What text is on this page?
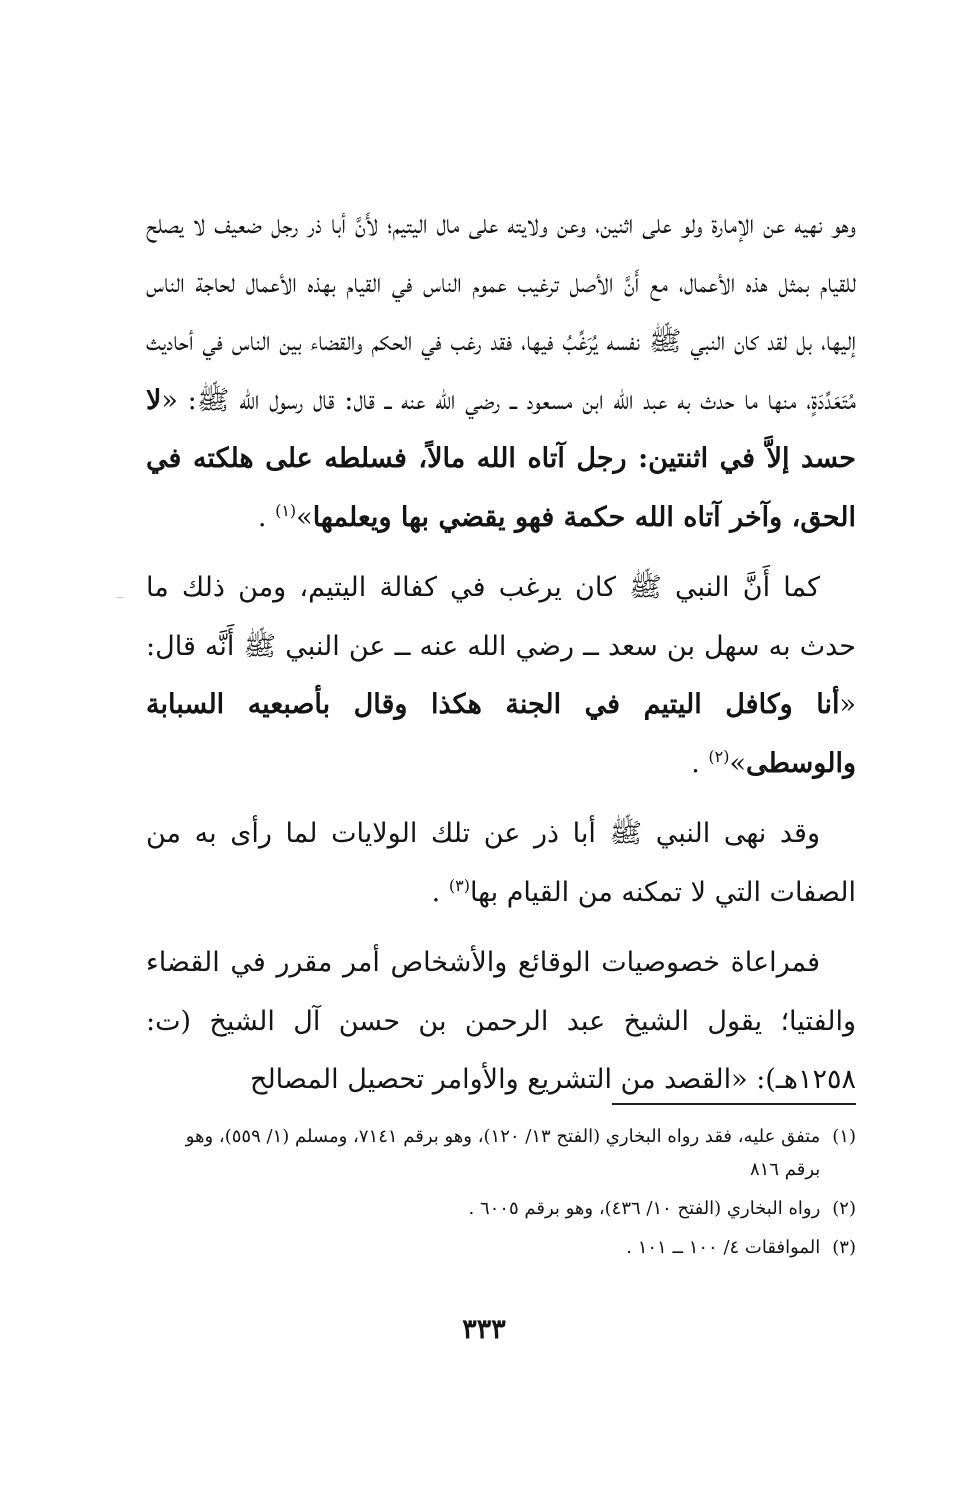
وهو نهيه عن الإمارة ولو على اثنين، وعن ولايته على مال اليتيم؛ لأَنَّ أبا ذر رجل ضعيف لا يصلح للقيام بمثل هذه الأعمال، مع أَنَّ الأصل ترغيب عموم الناس في القيام بهذه الأعمال لحاجة الناس إليها، بل لقد كان النبي ﷺ نفسه يُرَغِّبُ فيها، فقد رغب في الحكم والقضاء بين الناس في أحاديث مُتَعَدِّدَةٍ، منها ما حدث به عبد الله ابن مسعود ــ رضي الله عنه ــ قال: قال رسول الله ﷺ: «لا حسد إلاَّ في اثنتين: رجل آتاه الله مالاً، فسلطه على هلكته في الحق، وآخر آتاه الله حكمة فهو يقضي بها ويعلمها»$^{(١)}$ .

كما أَنَّ النبي ﷺ كان يرغب في كفالة اليتيم، ومن ذلك ما حدث به سهل بن سعد ــ رضي الله عنه ــ عن النبي ﷺ أَنَّه قال: «أنا وكافل اليتيم في الجنة هكذا وقال بأصبعيه السبابة والوسطى»$^{(٢)}$ .

وقد نهى النبي ﷺ أبا ذر عن تلك الولايات لما رأى به من الصفات التي لا تمكنه من القيام بها$^{(٣)}$ .

فمراعاة خصوصيات الوقائع والأشخاص أمر مقرر في القضاء والفتيا؛ يقول الشيخ عبد الرحمن بن حسن آل الشيخ (ت: ١٢٥٨هـ): «القصد من التشريع والأوامر تحصيل المصالح

(١)
متفق عليه، فقد رواه البخاري (الفتح ١٣/ ١٢٠)، وهو برقم ٧١٤١، ومسلم (١/ ٥٥٩)، وهو برقم ٨١٦

(٢)
رواه البخاري (الفتح ١٠/ ٤٣٦)، وهو برقم ٦٠٠٥ .

(٣)
الموافقات ٤/ ١٠٠ ــ ١٠١ .

٣٣٣
